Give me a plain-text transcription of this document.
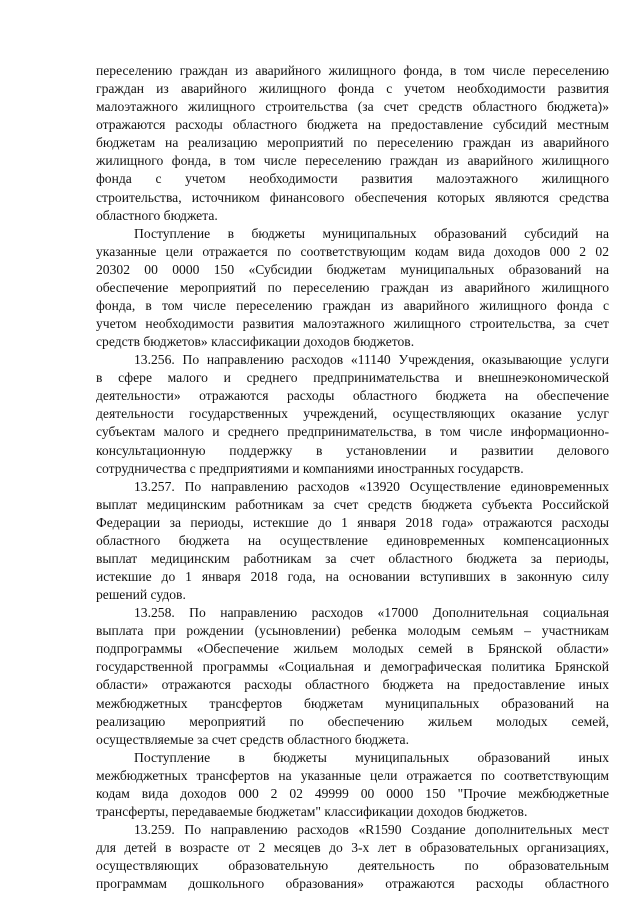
переселению граждан из аварийного жилищного фонда, в том числе переселению
граждан из аварийного жилищного фонда с учетом необходимости развития
малоэтажного жилищного строительства (за счет средств областного бюджета)»
отражаются расходы областного бюджета на предоставление субсидий местным
бюджетам на реализацию мероприятий по переселению граждан из аварийного
жилищного фонда, в том числе переселению граждан из аварийного жилищного
фонда с учетом необходимости развития малоэтажного жилищного
строительства, источником финансового обеспечения которых являются средства
областного бюджета.
Поступление в бюджеты муниципальных образований субсидий на
указанные цели отражается по соответствующим кодам вида доходов 000 2 02
20302 00 0000 150 «Субсидии бюджетам муниципальных образований на
обеспечение мероприятий по переселению граждан из аварийного жилищного
фонда, в том числе переселению граждан из аварийного жилищного фонда с
учетом необходимости развития малоэтажного жилищного строительства, за счет
средств бюджетов» классификации доходов бюджетов.
13.256. По направлению расходов «11140 Учреждения, оказывающие услуги
в сфере малого и среднего предпринимательства и внешнеэкономической
деятельности» отражаются расходы областного бюджета на обеспечение
деятельности государственных учреждений, осуществляющих оказание услуг
субъектам малого и среднего предпринимательства, в том числе информационно-
консультационную поддержку в установлении и развитии делового
сотрудничества с предприятиями и компаниями иностранных государств.
13.257. По направлению расходов «13920 Осуществление единовременных
выплат медицинским работникам за счет средств бюджета субъекта Российской
Федерации за периоды, истекшие до 1 января 2018 года» отражаются расходы
областного бюджета на осуществление единовременных компенсационных
выплат медицинским работникам за счет областного бюджета за периоды,
истекшие до 1 января 2018 года, на основании вступивших в законную силу
решений судов.
13.258. По направлению расходов «17000 Дополнительная социальная
выплата при рождении (усыновлении) ребенка молодым семьям – участникам
подпрограммы «Обеспечение жильем молодых семей в Брянской области»
государственной программы «Социальная и демографическая политика Брянской
области» отражаются расходы областного бюджета на предоставление иных
межбюджетных трансфертов бюджетам муниципальных образований на
реализацию мероприятий по обеспечению жильем молодых семей,
осуществляемые за счет средств областного бюджета.
Поступление в бюджеты муниципальных образований иных
межбюджетных трансфертов на указанные цели отражается по соответствующим
кодам вида доходов 000 2 02 49999 00 0000 150 "Прочие межбюджетные
трансферты, передаваемые бюджетам" классификации доходов бюджетов.
13.259. По направлению расходов «R1590 Создание дополнительных мест
для детей в возрасте от 2 месяцев до 3-х лет в образовательных организациях,
осуществляющих образовательную деятельность по образовательным
программам дошкольного образования» отражаются расходы областного
